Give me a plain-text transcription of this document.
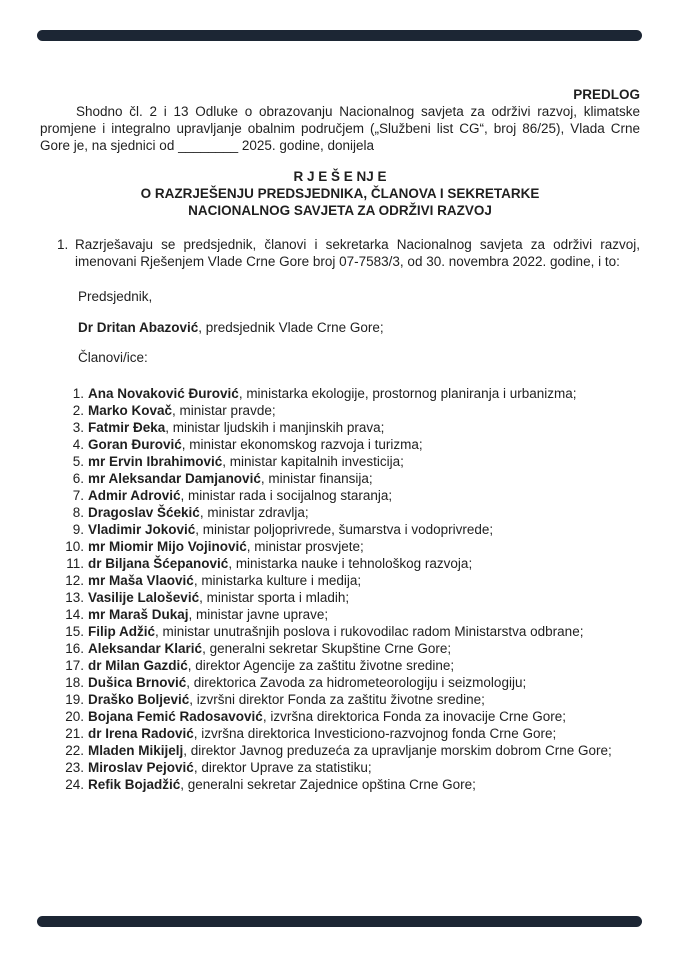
PREDLOG
Shodno čl. 2 i 13 Odluke o obrazovanju Nacionalnog savjeta za održivi razvoj, klimatske promjene i integralno upravljanje obalnim područjem („Službeni list CG“, broj 86/25), Vlada Crne Gore je, na sjednici od ________ 2025. godine, donijela
R J E Š E NJ E
O RAZRJEŠENJU PREDSJEDNIKA, ČLANOVA I SEKRETARKE
NACIONALNOG SAVJETA ZA ODRŽIVI RAZVOJ
1. Razrješavaju se predsjednik, članovi i sekretarka Nacionalnog savjeta za održivi razvoj, imenovani Rješenjem Vlade Crne Gore broj 07-7583/3, od 30. novembra 2022. godine, i to:
Predsjednik,
Dr Dritan Abazović, predsjednik Vlade Crne Gore;
Članovi/ice:
1. Ana Novaković Đurović, ministarka ekologije, prostornog planiranja i urbanizma;
2. Marko Kovač, ministar pravde;
3. Fatmir Đeka, ministar ljudskih i manjinskih prava;
4. Goran Đurović, ministar ekonomskog razvoja i turizma;
5. mr Ervin Ibrahimović, ministar kapitalnih investicija;
6. mr Aleksandar Damjanović, ministar finansija;
7. Admir Adrović, ministar rada i socijalnog staranja;
8. Dragoslav Šćekić, ministar zdravlja;
9. Vladimir Joković, ministar poljoprivrede, šumarstva i vodoprivrede;
10. mr Miomir Mijo Vojinović, ministar prosvjete;
11. dr Biljana Šćepanović, ministarka nauke i tehnološkog razvoja;
12. mr Maša Vlaović, ministarka kulture i medija;
13. Vasilije Lalošević, ministar sporta i mladih;
14. mr Maraš Dukaj, ministar javne uprave;
15. Filip Adžić, ministar unutrašnjih poslova i rukovodilac radom Ministarstva odbrane;
16. Aleksandar Klarić, generalni sekretar Skupštine Crne Gore;
17. dr Milan Gazdić, direktor Agencije za zaštitu životne sredine;
18. Dušica Brnović, direktorica Zavoda za hidrometeorologiju i seizmologiju;
19. Draško Boljević, izvršni direktor Fonda za zaštitu životne sredine;
20. Bojana Femić Radosavović, izvršna direktorica Fonda za inovacije Crne Gore;
21. dr Irena Radović, izvršna direktorica Investiciono-razvojnog fonda Crne Gore;
22. Mladen Mikijelj, direktor Javnog preduzeća za upravljanje morskim dobrom Crne Gore;
23. Miroslav Pejović, direktor Uprave za statistiku;
24. Refik Bojadžić, generalni sekretar Zajednice opština Crne Gore;
